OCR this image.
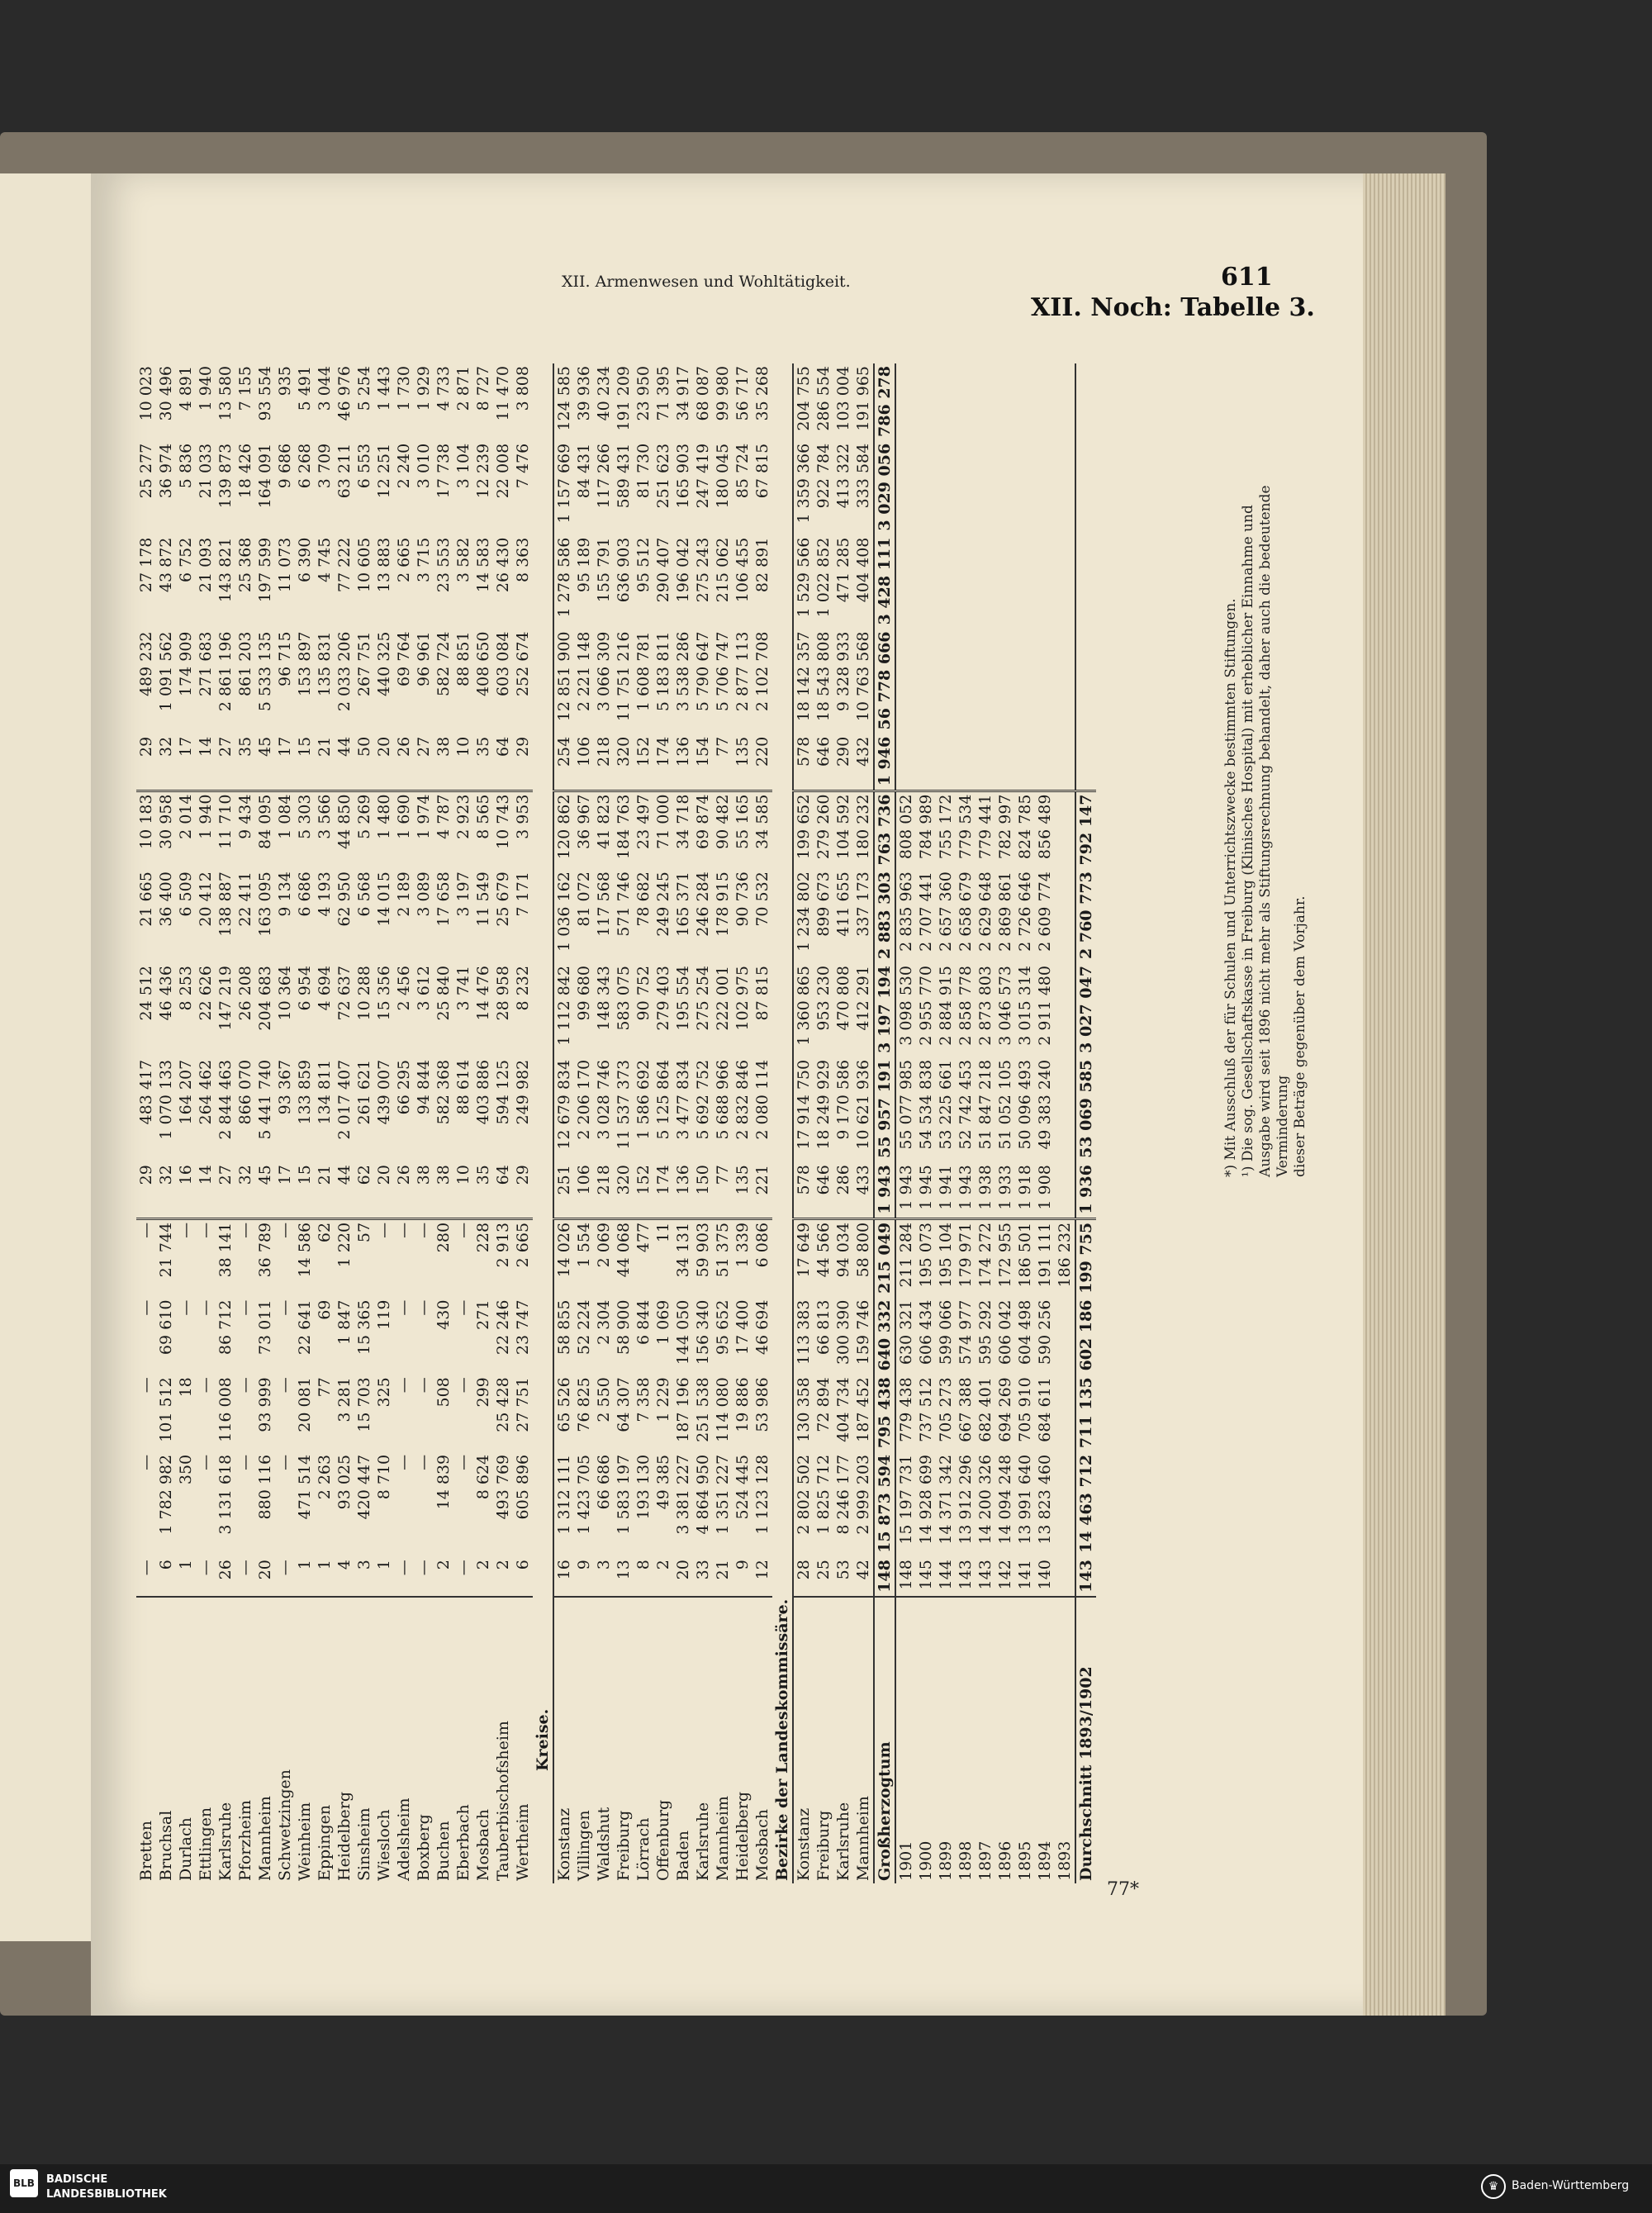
XII. Armenwesen und Wohltätigkeit.	611
XII. Noch: Tabelle 3.
Bretten	—	—	—	—	—	29	483 417	24 512	21 665	10 183	29	489 232	27 178	25 277	10 023
Bruchsal	6	1 782 982	101 512	69 610	21 744	32	1 070 133	46 436	36 400	30 958	32	1 091 562	43 872	36 974	30 496
Durlach	1	350	18	—	—	16	164 207	8 253	6 509	2 014	17	174 909	6 752	5 836	4 891
Ettlingen	—	—	—	—	—	14	264 462	22 626	20 412	1 940	14	271 683	21 093	21 033	1 940
Karlsruhe	26	3 131 618	116 008	86 712	38 141	27	2 844 463	147 219	138 887	11 710	27	2 861 196	143 821	139 873	13 580
Pforzheim	—	—	—	—	—	32	866 070	26 208	22 411	9 434	35	861 203	25 368	18 426	7 155
Mannheim	20	880 116	93 999	73 011	36 789	45	5 441 740	204 683	163 095	84 095	45	5 533 135	197 599	164 091	93 554
Schwetzingen	—	—	—	—	—	17	93 367	10 364	9 134	1 084	17	96 715	11 073	9 686	935
Weinheim	1	471 514	20 081	22 641	14 586	15	133 859	6 954	6 686	5 303	15	153 897	6 390	6 268	5 491
Eppingen	1	2 263	77	69	62	21	134 811	4 694	4 193	3 566	21	135 831	4 745	3 709	3 044
Heidelberg	4	93 025	3 281	1 847	1 220	44	2 017 407	72 637	62 950	44 850	44	2 033 206	77 222	63 211	46 976
Sinsheim	3	420 447	15 703	15 365	57	62	261 621	10 288	6 568	5 269	50	267 751	10 605	6 553	5 254
Wiesloch	1	8 710	325	119	—	20	439 007	15 356	14 015	1 480	20	440 325	13 883	12 251	1 443
Adelsheim	—	—	—	—	—	26	66 295	2 456	2 189	1 690	26	69 764	2 665	2 240	1 730
Boxberg	—	—	—	—	—	38	94 844	3 612	3 089	1 974	27	96 961	3 715	3 010	1 929
Buchen	2	14 839	508	430	280	38	582 368	25 840	17 658	4 787	38	582 724	23 553	17 738	4 733
Eberbach	—	—	—	—	—	10	88 614	3 741	3 197	2 923	10	88 851	3 582	3 104	2 871
Mosbach	2	8 624	299	271	228	35	403 886	14 476	11 549	8 565	35	408 650	14 583	12 239	8 727
Tauberbischofsheim	2	493 769	25 428	22 246	2 913	64	594 125	28 958	25 679	10 743	64	603 084	26 430	22 008	11 470
Wertheim	6	605 896	27 751	23 747	2 665	29	249 982	8 232	7 171	3 953	29	252 674	8 363	7 476	3 808
Kreise.															
Konstanz	16	1 312 111	65 526	58 855	14 026	251	12 679 834	1 112 842	1 036 162	120 862	254	12 851 900	1 278 586	1 157 669	124 585
Villingen	9	1 423 705	76 825	52 224	1 554	106	2 206 170	99 680	81 072	36 967	106	2 221 148	95 189	84 431	39 936
Waldshut	3	66 686	2 550	2 304	2 069	218	3 028 746	148 343	117 568	41 823	218	3 066 309	155 791	117 266	40 234
Freiburg	13	1 583 197	64 307	58 900	44 068	320	11 537 373	583 075	571 746	184 763	320	11 751 216	636 903	589 431	191 209
Lörrach	8	193 130	7 358	6 844	477	152	1 586 692	90 752	78 682	23 497	152	1 608 781	95 512	81 730	23 950
Offenburg	2	49 385	1 229	1 069	11	174	5 125 864	279 403	249 245	71 000	174	5 183 811	290 407	251 623	71 395
Baden	20	3 381 227	187 196	144 050	34 131	136	3 477 834	195 554	165 371	34 718	136	3 538 286	196 042	165 903	34 917
Karlsruhe	33	4 864 950	251 538	156 340	59 903	150	5 692 752	275 254	246 284	69 874	154	5 790 647	275 243	247 419	68 087
Mannheim	21	1 351 227	114 080	95 652	51 375	77	5 688 966	222 001	178 915	90 482	77	5 706 747	215 062	180 045	99 980
Heidelberg	9	524 445	19 886	17 400	1 339	135	2 832 846	102 975	90 736	55 165	135	2 877 113	106 455	85 724	56 717
Mosbach	12	1 123 128	53 986	46 694	6 086	221	2 080 114	87 815	70 532	34 585	220	2 102 708	82 891	67 815	35 268
Bezirke der Landeskommissäre.															
Konstanz	28	2 802 502	130 358	113 383	17 649	578	17 914 750	1 360 865	1 234 802	199 652	578	18 142 357	1 529 566	1 359 366	204 755
Freiburg	25	1 825 712	72 894	66 813	44 566	646	18 249 929	953 230	899 673	279 260	646	18 543 808	1 022 852	922 784	286 554
Karlsruhe	53	8 246 177	404 734	300 390	94 034	286	9 170 586	470 808	411 655	104 592	290	9 328 933	471 285	413 322	103 004
Mannheim	42	2 999 203	187 452	159 746	58 800	433	10 621 936	412 291	337 173	180 232	432	10 763 568	404 408	333 584	191 965
Großherzogtum	148	15 873 594	795 438	640 332	215 049	1 943	55 957 191	3 197 194	2 883 303	763 736	1 946	56 778 666	3 428 111	3 029 056	786 278
1901	148	15 197 731	779 438	630 321	211 284	1 943	55 077 985	3 098 530	2 835 963	808 052					
1900	145	14 928 699	737 512	606 434	195 073	1 945	54 534 838	2 955 770	2 707 441	784 989					
1899	144	14 371 342	705 273	599 066	195 104	1 941	53 225 661	2 884 915	2 657 360	755 172					
1898	143	13 912 296	667 388	574 977	179 971	1 943	52 742 453	2 858 778	2 658 679	779 534					
1897	143	14 200 326	682 401	595 292	174 272	1 938	51 847 218	2 873 803	2 629 648	779 441					
1896	142	14 094 248	694 269	606 042	172 955	1 933	51 052 105	3 046 573	2 869 861	782 997					
1895	141	13 991 640	705 910	604 498	186 501	1 918	50 096 493	3 015 314	2 726 646	824 785					
1894	140	13 823 460	684 611	590 256	191 111	1 908	49 383 240	2 911 480	2 609 774	856 489					
1893					186 232										
Durchschnitt 1893/1902	143	14 463 712	711 135	602 186	199 755	1 936	53 069 585	3 027 047	2 760 773	792 147						*) Mit Ausschluß der für Schulen und Unterrichtszwecke bestimmten Stiftungen. ¹) Die sog. Gesellschaftskasse in Freiburg (Klinisches Hospital) mit erheblicher Einnahme und Ausgabe wird seit 1896 nicht mehr als Stiftungsrechnung behandelt, daher auch die bedeutende Verminderung dieser Beträge gegenüber dem Vorjahr.

77*
BLB	BADISCHE
LANDESBIBLIOTHEK
♛	Baden-Württemberg
